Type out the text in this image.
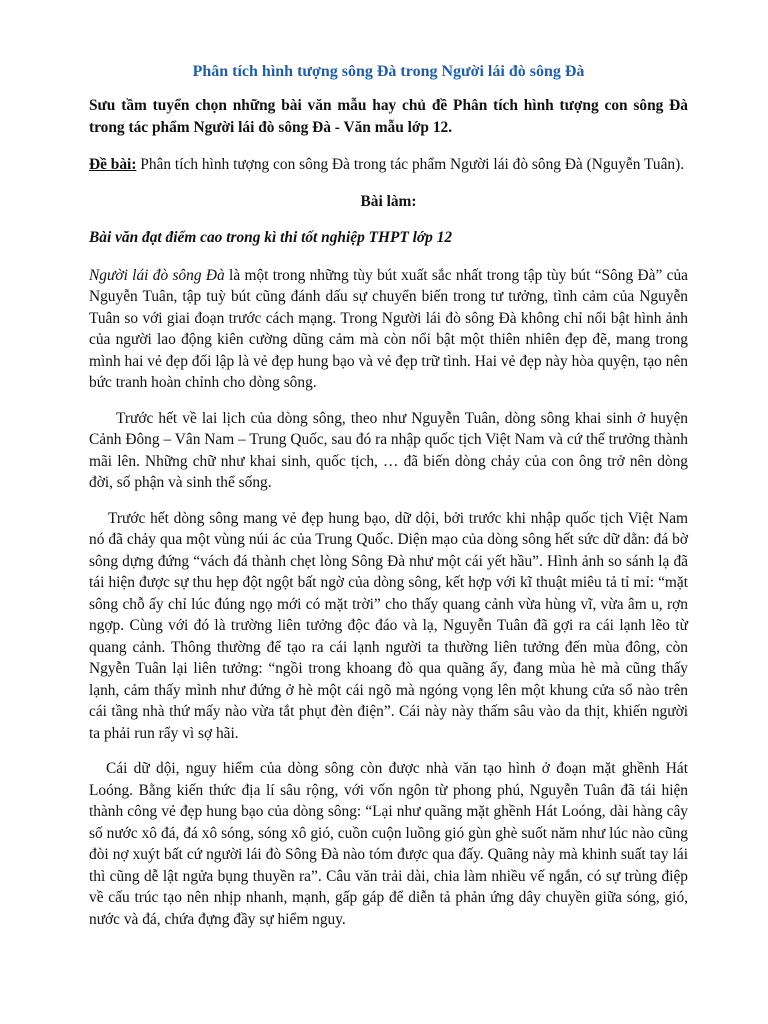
Phân tích hình tượng sông Đà trong Người lái đò sông Đà
Sưu tầm tuyển chọn những bài văn mẫu hay chủ đề Phân tích hình tượng con sông Đà trong tác phẩm Người lái đò sông Đà - Văn mẫu lớp 12.
Đề bài: Phân tích hình tượng con sông Đà trong tác phẩm Người lái đò sông Đà (Nguyễn Tuân).
Bài làm:
Bài văn đạt điểm cao trong kì thi tốt nghiệp THPT lớp 12
Người lái đò sông Đà là một trong những tùy bút xuất sắc nhất trong tập tùy bút “Sông Đà” của Nguyễn Tuân, tập tuỳ bút cũng đánh dấu sự chuyển biến trong tư tưởng, tình cảm của Nguyễn Tuân so với giai đoạn trước cách mạng. Trong Người lái đò sông Đà không chỉ nổi bật hình ảnh của người lao động kiên cường dũng cảm mà còn nổi bật một thiên nhiên đẹp đẽ, mang trong mình hai vẻ đẹp đối lập là vẻ đẹp hung bạo và vẻ đẹp trữ tình. Hai vẻ đẹp này hòa quyện, tạo nên bức tranh hoàn chỉnh cho dòng sông.
Trước hết về lai lịch của dòng sông, theo như Nguyễn Tuân, dòng sông khai sinh ở huyện Cảnh Đông – Vân Nam – Trung Quốc, sau đó ra nhập quốc tịch Việt Nam và cứ thế trưởng thành mãi lên. Những chữ như khai sinh, quốc tịch, … đã biến dòng chảy của con ông trở nên dòng đời, số phận và sinh thể sống.
Trước hết dòng sông mang vẻ đẹp hung bạo, dữ dội, bởi trước khi nhập quốc tịch Việt Nam nó đã chảy qua một vùng núi ác của Trung Quốc. Diện mạo của dòng sông hết sức dữ dằn: đá bờ sông dựng đứng “vách đá thành chẹt lòng Sông Đà như một cái yết hầu”. Hình ảnh so sánh lạ đã tái hiện được sự thu hẹp đột ngột bất ngờ của dòng sông, kết hợp với kĩ thuật miêu tả tỉ mỉ: “mặt sông chỗ ấy chỉ lúc đúng ngọ mới có mặt trời” cho thấy quang cảnh vừa hùng vĩ, vừa âm u, rợn ngợp. Cùng với đó là trường liên tưởng độc đáo và lạ, Nguyễn Tuân đã gợi ra cái lạnh lẽo từ quang cảnh. Thông thường để tạo ra cái lạnh người ta thường liên tưởng đến mùa đông, còn Ngyễn Tuân lại liên tưởng: “ngồi trong khoang đò qua quãng ấy, đang mùa hè mà cũng thấy lạnh, cảm thấy mình như đứng ở hè một cái ngõ mà ngóng vọng lên một khung cửa sổ nào trên cái tầng nhà thứ mấy nào vừa tắt phụt đèn điện”. Cái này này thấm sâu vào da thịt, khiến người ta phải run rẩy vì sợ hãi.
Cái dữ dội, nguy hiểm của dòng sông còn được nhà văn tạo hình ở đoạn mặt ghềnh Hát Loóng. Bằng kiến thức địa lí sâu rộng, với vốn ngôn từ phong phú, Nguyễn Tuân đã tái hiện thành công vẻ đẹp hung bạo của dòng sông: “Lại như quãng mặt ghềnh Hát Loóng, dài hàng cây số nước xô đá, đá xô sóng, sóng xô gió, cuồn cuộn luồng gió gùn ghè suốt năm như lúc nào cũng đòi nợ xuýt bất cứ người lái đò Sông Đà nào tóm được qua đấy. Quãng này mà khinh suất tay lái thì cũng dễ lật ngửa bụng thuyền ra”. Câu văn trải dài, chia làm nhiều vế ngắn, có sự trùng điệp về cấu trúc tạo nên nhịp nhanh, mạnh, gấp gáp để diễn tả phản ứng dây chuyền giữa sóng, gió, nước và đá, chứa đựng đầy sự hiểm nguy.
